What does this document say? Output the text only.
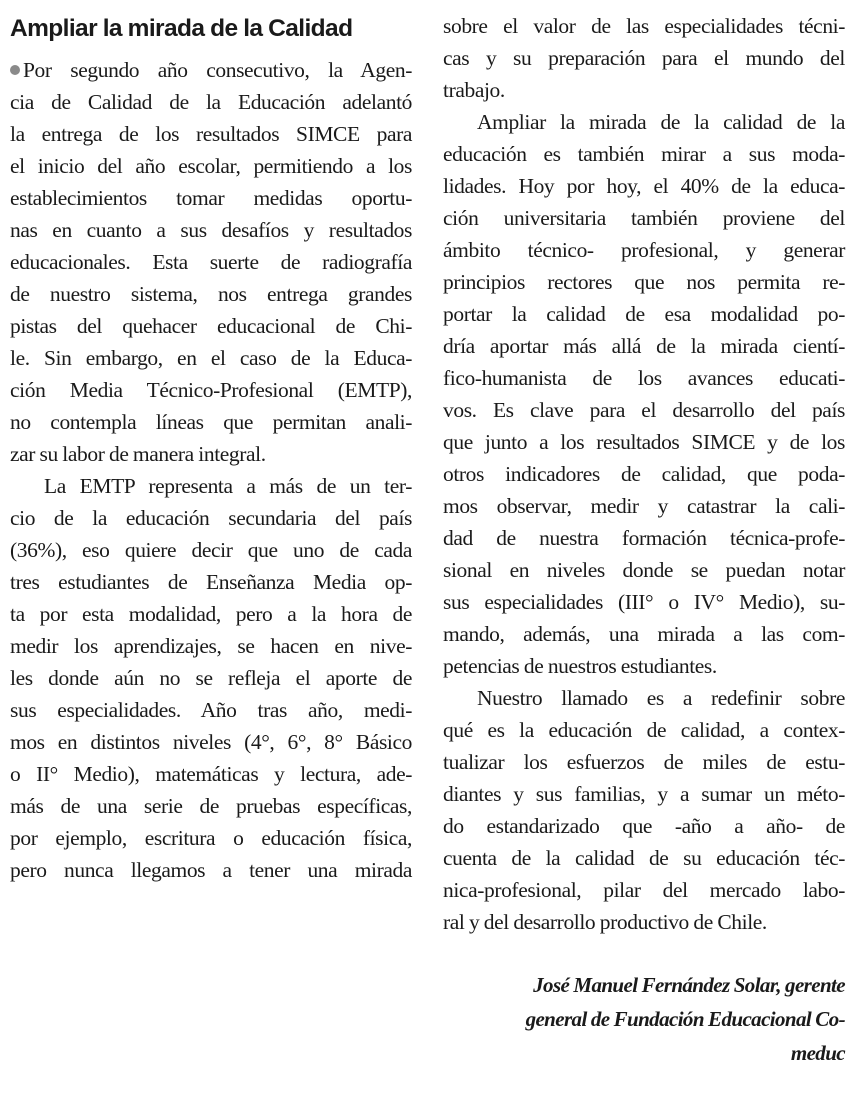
Ampliar la mirada de la Calidad
Por segundo año consecutivo, la Agen-
cia de Calidad de la Educación adelantó
la entrega de los resultados SIMCE para
el inicio del año escolar, permitiendo a los
establecimientos tomar medidas oportu-
nas en cuanto a sus desafíos y resultados
educacionales. Esta suerte de radiografía
de nuestro sistema, nos entrega grandes
pistas del quehacer educacional de Chi-
le. Sin embargo, en el caso de la Educa-
ción Media Técnico-Profesional (EMTP),
no contempla líneas que permitan anali-
zar su labor de manera integral.
La EMTP representa a más de un ter-
cio de la educación secundaria del país
(36%), eso quiere decir que uno de cada
tres estudiantes de Enseñanza Media op-
ta por esta modalidad, pero a la hora de
medir los aprendizajes, se hacen en nive-
les donde aún no se refleja el aporte de
sus especialidades. Año tras año, medi-
mos en distintos niveles (4°, 6°, 8° Básico
o II° Medio), matemáticas y lectura, ade-
más de una serie de pruebas específicas,
por ejemplo, escritura o educación física,
pero nunca llegamos a tener una mirada
sobre el valor de las especialidades técni-
cas y su preparación para el mundo del
trabajo.
Ampliar la mirada de la calidad de la
educación es también mirar a sus moda-
lidades. Hoy por hoy, el 40% de la educa-
ción universitaria también proviene del
ámbito técnico- profesional, y generar
principios rectores que nos permita re-
portar la calidad de esa modalidad po-
dría aportar más allá de la mirada cientí-
fico-humanista de los avances educati-
vos. Es clave para el desarrollo del país
que junto a los resultados SIMCE y de los
otros indicadores de calidad, que poda-
mos observar, medir y catastrar la cali-
dad de nuestra formación técnica-profe-
sional en niveles donde se puedan notar
sus especialidades (III° o IV° Medio), su-
mando, además, una mirada a las com-
petencias de nuestros estudiantes.
Nuestro llamado es a redefinir sobre
qué es la educación de calidad, a contex-
tualizar los esfuerzos de miles de estu-
diantes y sus familias, y a sumar un méto-
do estandarizado que -año a año- de
cuenta de la calidad de su educación téc-
nica-profesional, pilar del mercado labo-
ral y del desarrollo productivo de Chile.
José Manuel Fernández Solar, gerente
general de Fundación Educacional Co-
meduc
